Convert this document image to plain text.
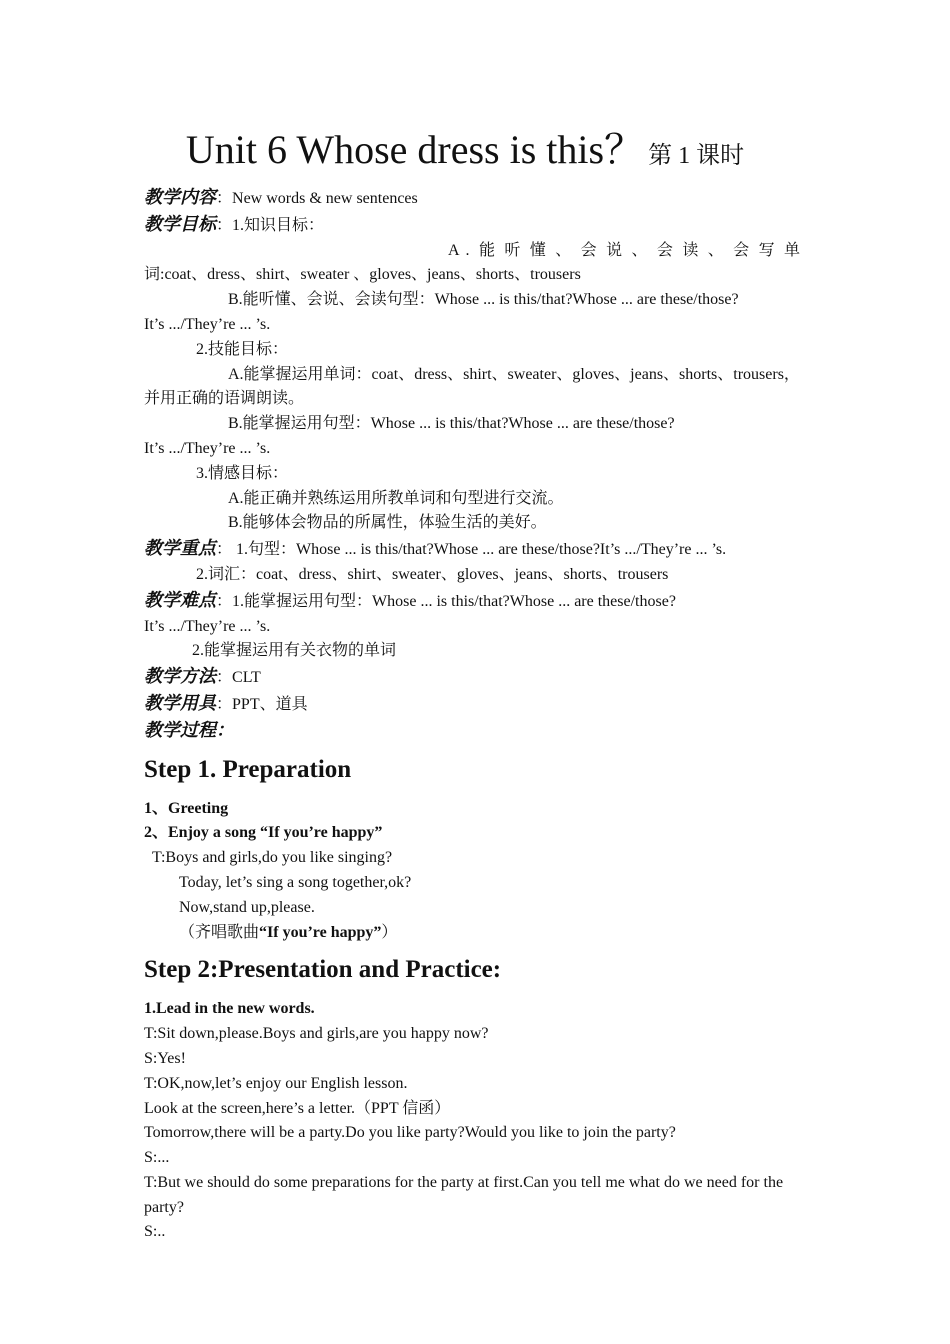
Unit 6 Whose dress is this？ 第 1 课时
教学内容：New words & new sentences
教学目标：1.知识目标：
A.能听懂、会说、会读、会写单
词:coat、dress、shirt、sweater 、gloves、jeans、shorts、trousers
B.能听懂、会说、会读句型：Whose ... is this/that?Whose ... are these/those?
It’s .../They’re ... ’s.
2.技能目标：
A.能掌握运用单词：coat、dress、shirt、sweater、gloves、jeans、shorts、trousers，并用正确的语调朗读。
B.能掌握运用句型：Whose ... is this/that?Whose ... are these/those?
It’s .../They’re ... ’s.
3.情感目标：
A.能正确并熟练运用所教单词和句型进行交流。
B.能够体会物品的所属性，体验生活的美好。
教学重点： 1.句型：Whose ... is this/that?Whose ... are these/those?It’s .../They’re ... ’s.
2.词汇：coat、dress、shirt、sweater、gloves、jeans、shorts、trousers
教学难点：1.能掌握运用句型：Whose ... is this/that?Whose ... are these/those?
It’s .../They’re ... ’s.
2.能掌握运用有关衣物的单词
教学方法：CLT
教学用具：PPT、道具
教学过程：
Step 1. Preparation
1、Greeting
2、Enjoy a song “If you’re happy”
T:Boys and girls,do you like singing?
Today, let’s sing a song together,ok?
Now,stand up,please.
（齐唱歌曲“If you’re happy”）
Step 2:Presentation and Practice:
1.Lead in the new words.
T:Sit down,please.Boys and girls,are you happy now?
S:Yes!
T:OK,now,let’s enjoy our English lesson.
Look at the screen,here’s a letter.（PPT 信函）
Tomorrow,there will be a party.Do you like party?Would you like to join the party?
S:...
T:But we should do some preparations for the party at first.Can you tell me what do we need for the party?
S:..
